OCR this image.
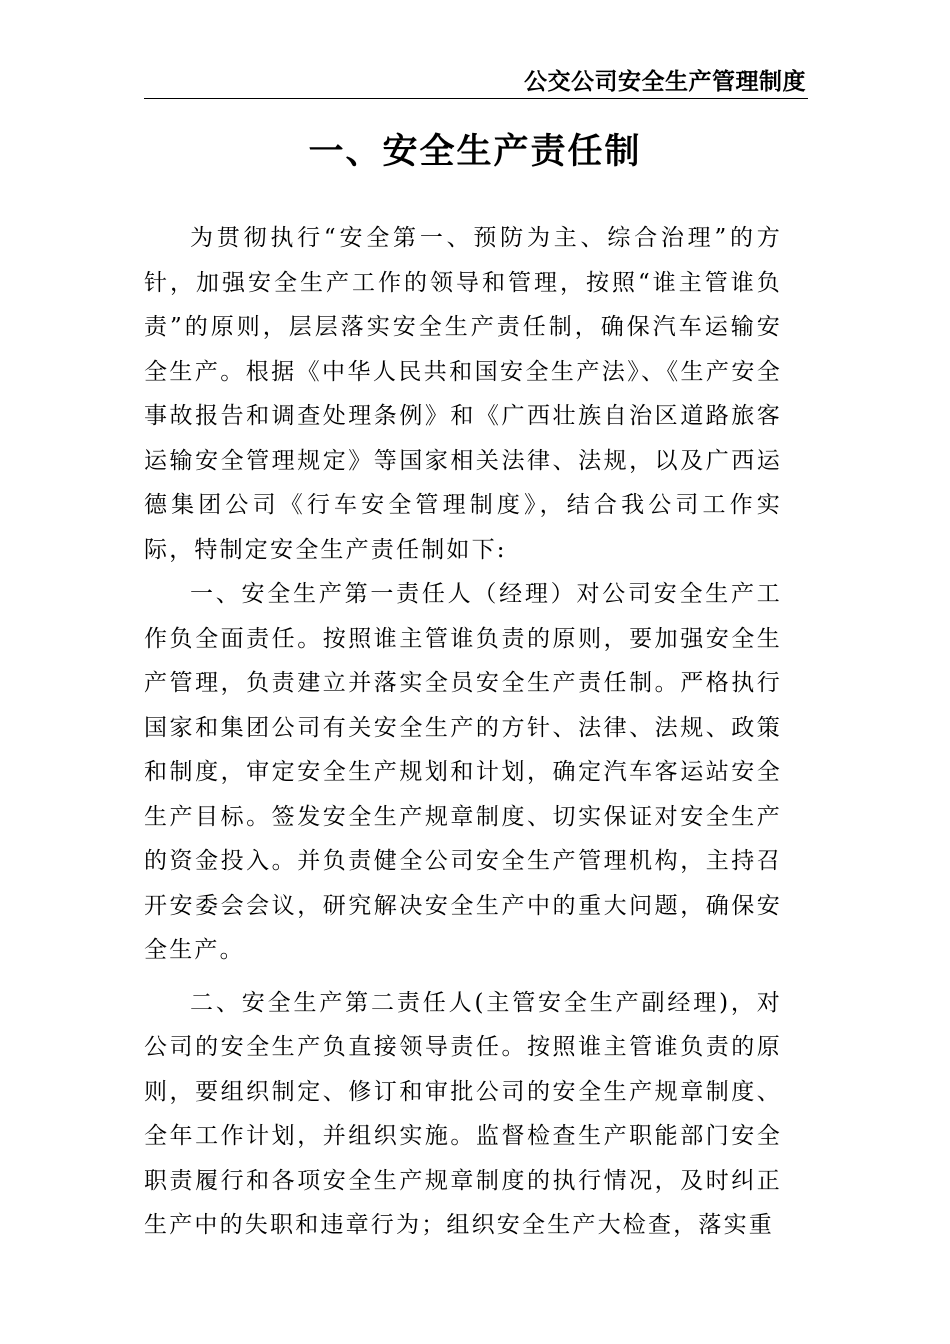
公交公司安全生产管理制度
一、安全生产责任制

为贯彻执行“安全第一、预防为主、综合治理”的方针，加强安全生产工作的领导和管理，按照“谁主管谁负责”的原则，层层落实安全生产责任制，确保汽车运输安全生产。根据《中华人民共和国安全生产法》、《生产安全事故报告和调查处理条例》和《广西壮族自治区道路旅客运输安全管理规定》等国家相关法律、法规，以及广西运德集团公司《行车安全管理制度》，结合我公司工作实际，特制定安全生产责任制如下:

一、安全生产第一责任人（经理）对公司安全生产工作负全面责任。按照谁主管谁负责的原则，要加强安全生产管理，负责建立并落实全员安全生产责任制。严格执行国家和集团公司有关安全生产的方针、法律、法规、政策和制度，审定安全生产规划和计划，确定汽车客运站安全生产目标。签发安全生产规章制度、切实保证对安全生产的资金投入。并负责健全公司安全生产管理机构，主持召开安委会会议，研究解决安全生产中的重大问题，确保安全生产。

二、安全生产第二责任人(主管安全生产副经理)，对公司的安全生产负直接领导责任。按照谁主管谁负责的原则，要组织制定、修订和审批公司的安全生产规章制度、全年工作计划，并组织实施。监督检查生产职能部门安全职责履行和各项安全生产规章制度的执行情况，及时纠正生产中的失职和违章行为；组织安全生产大检查，落实重
